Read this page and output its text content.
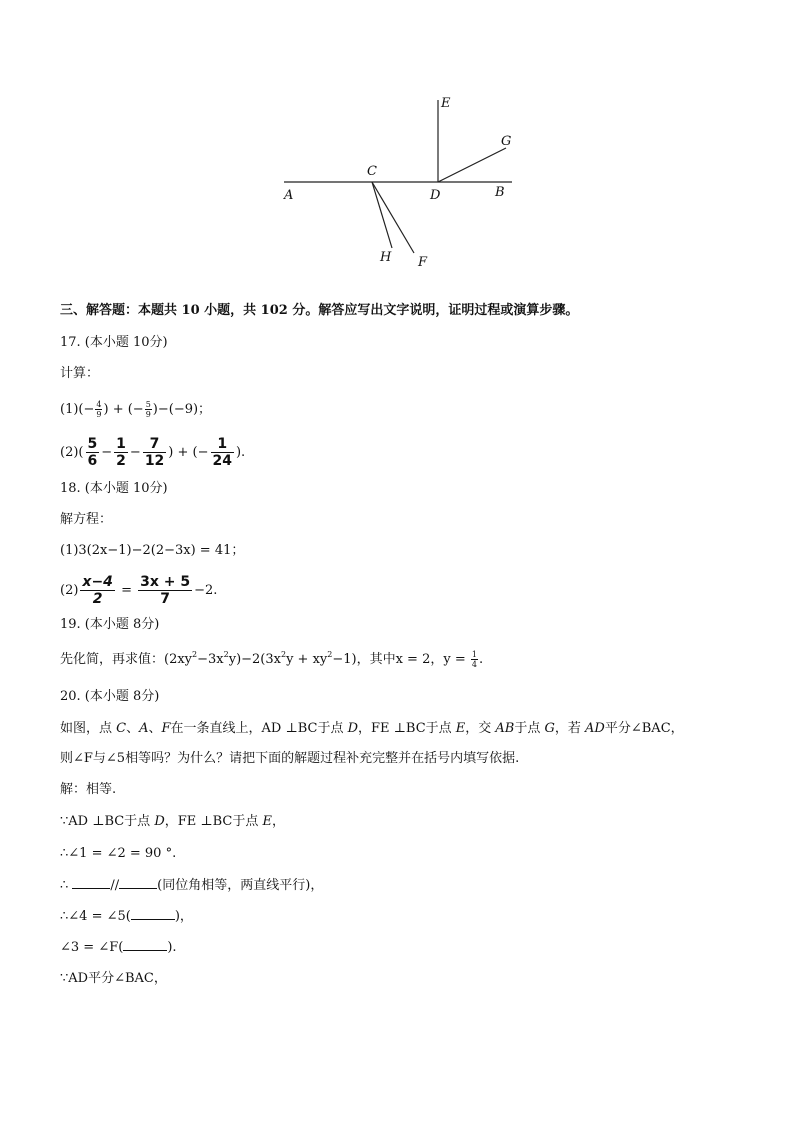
E
G
C
A	D	B
H F
三、解答题：本题共 10 小题，共 102 分。解答应写出文字说明，证明过程或演算步骤。
17. (本小题 10分)
计算：
$(1)(- \frac{4}{9}$ ) + (− $\frac{5}{9} )-(-9)$；
$(2)( \frac{5}{6} - \frac{1}{2} - \frac{7}{12}$ ) + (− $\frac{1}{24}$ ).
18. (本小题 10分)
解方程：
(1)3(2x−1)−2(2−3x) = 41；
$(2) \frac{x-4}{2} = \frac{3x + 5}{7} -2$.
19. (本小题 8分)
先化简，再求值：$(2xy^2-3x^2y)-2(3x^2y + xy^2-1)$，其中x = 2，$y = \frac{1}{4}$ .
20. (本小题 8分)
如图，点 C、A、F在一条直线上，AD ⊥BC于点 D，FE ⊥BC于点 E，交 AB于点 G，若 AD平分∠BAC，
则∠F与∠5相等吗？为什么？请把下面的解题过程补充完整并在括号内填写依据.
解：相等.
∵AD ⊥BC于点 D，FE ⊥BC于点 E，
∴∠1 = ∠2 = 90 °.
∴	//	(同位角相等，两直线平行)，
∴∠4 = ∠5(	)，
∠3 = ∠F(	).
∵AD平分∠BAC，
